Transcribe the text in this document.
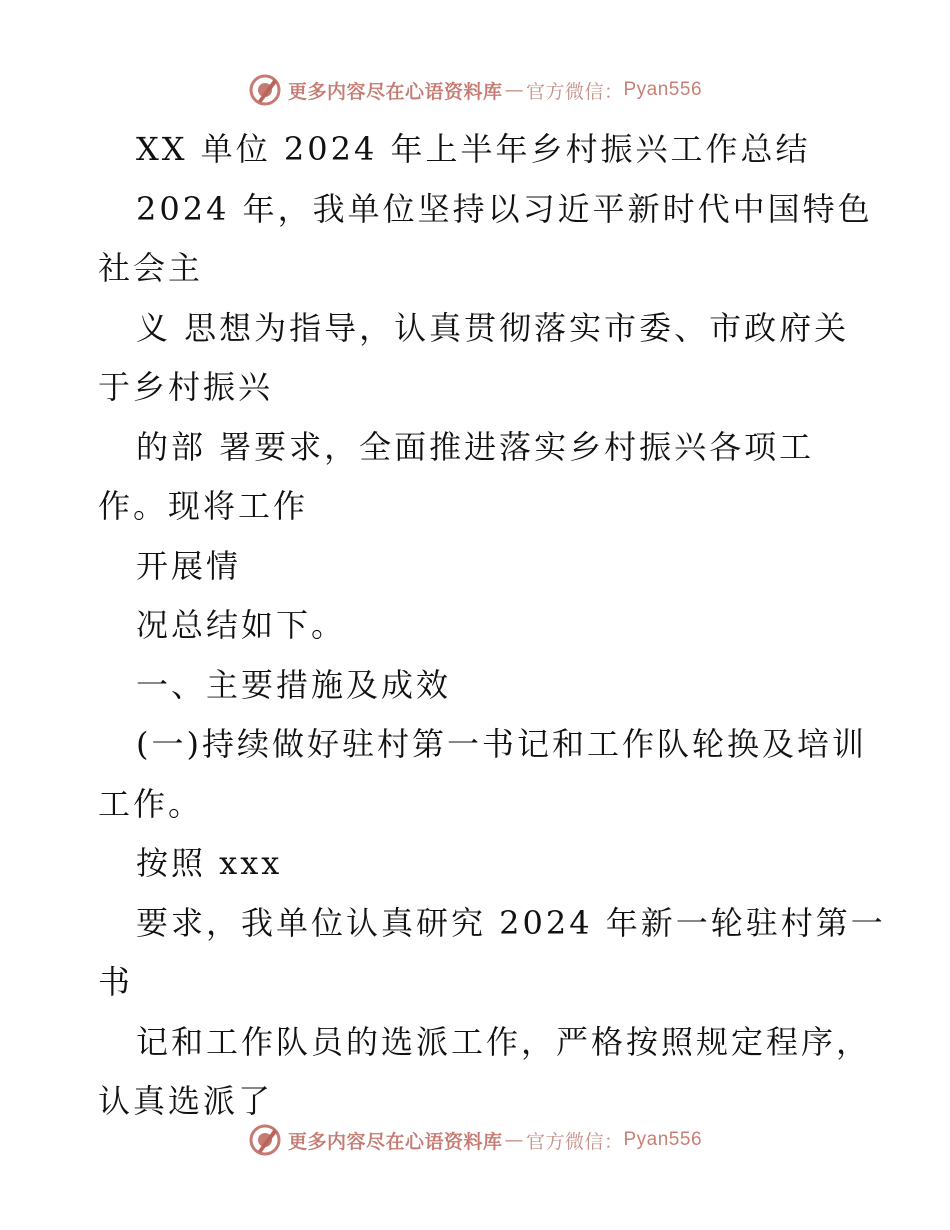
更多内容尽在心语资料库 — 官方微信： Pyan556
XX 单位 2024 年上半年乡村振兴工作总结
2024 年，我单位坚持以习近平新时代中国特色
社会主
义 思想为指导，认真贯彻落实市委、市政府关
于乡村振兴
的部 署要求，全面推进落实乡村振兴各项工
作。现将工作
开展情
况总结如下。
一、主要措施及成效
(一)持续做好驻村第一书记和工作队轮换及培训
工作。
按照 xxx
要求，我单位认真研究 2024 年新一轮驻村第一
书
记和工作队员的选派工作，严格按照规定程序，
认真选派了
更多内容尽在心语资料库 — 官方微信： Pyan556
